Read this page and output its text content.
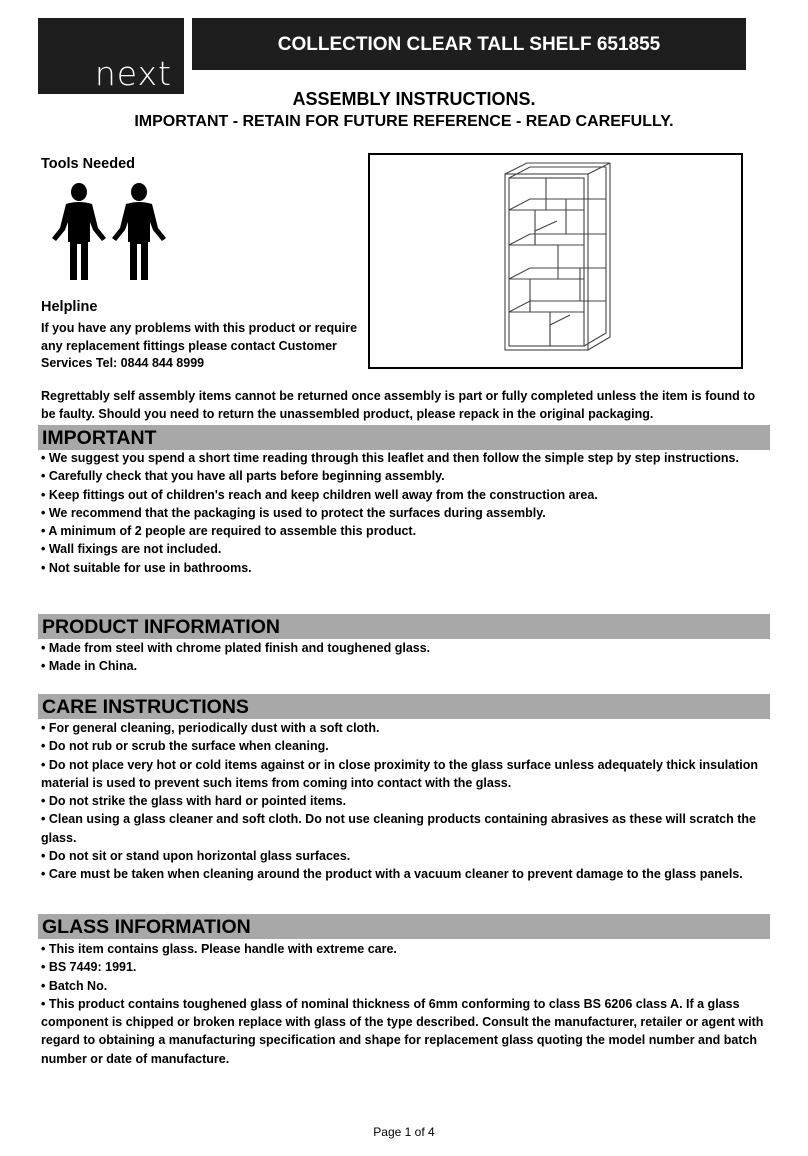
next
COLLECTION CLEAR TALL SHELF 651855
ASSEMBLY INSTRUCTIONS.
IMPORTANT - RETAIN FOR FUTURE REFERENCE - READ CAREFULLY.
Tools Needed
Helpline
If you have any problems with this product or require any replacement fittings please contact Customer Services Tel: 0844 844 8999
Regrettably self assembly items cannot be returned once assembly is part or fully completed unless the item is found to be faulty. Should you need to return the unassembled product, please repack in the original packaging.
IMPORTANT
• We suggest you spend a short time reading through this leaflet and then follow the simple step by step instructions.
• Carefully check that you have all parts before beginning assembly.
• Keep fittings out of children's reach and keep children well away from the construction area.
• We recommend that the packaging is used to protect the surfaces during assembly.
• A minimum of 2 people are required to assemble this product.
• Wall fixings are not included.
• Not suitable for use in bathrooms.
PRODUCT INFORMATION
• Made from steel with chrome plated finish and toughened glass.
• Made in China.
CARE INSTRUCTIONS
• For general cleaning, periodically dust with a soft cloth.
• Do not rub or scrub the surface when cleaning.
• Do not place very hot or cold items against or in close proximity to the glass surface unless adequately thick insulation material is used to prevent such items from coming into contact with the glass.
• Do not strike the glass with hard or pointed items.
• Clean using a glass cleaner and soft cloth. Do not use cleaning products containing abrasives as these will scratch the glass.
• Do not sit or stand upon horizontal glass surfaces.
• Care must be taken when cleaning around the product with a vacuum cleaner to prevent damage to the glass panels.
GLASS INFORMATION
• This item contains glass. Please handle with extreme care.
• BS 7449: 1991.
• Batch No.
• This product contains toughened glass of nominal thickness of 6mm conforming to class BS 6206 class A. If a glass component is chipped or broken replace with glass of the type described. Consult the manufacturer, retailer or agent with regard to obtaining a manufacturing specification and shape for replacement glass quoting the model number and batch number or date of manufacture.
Page 1 of 4
